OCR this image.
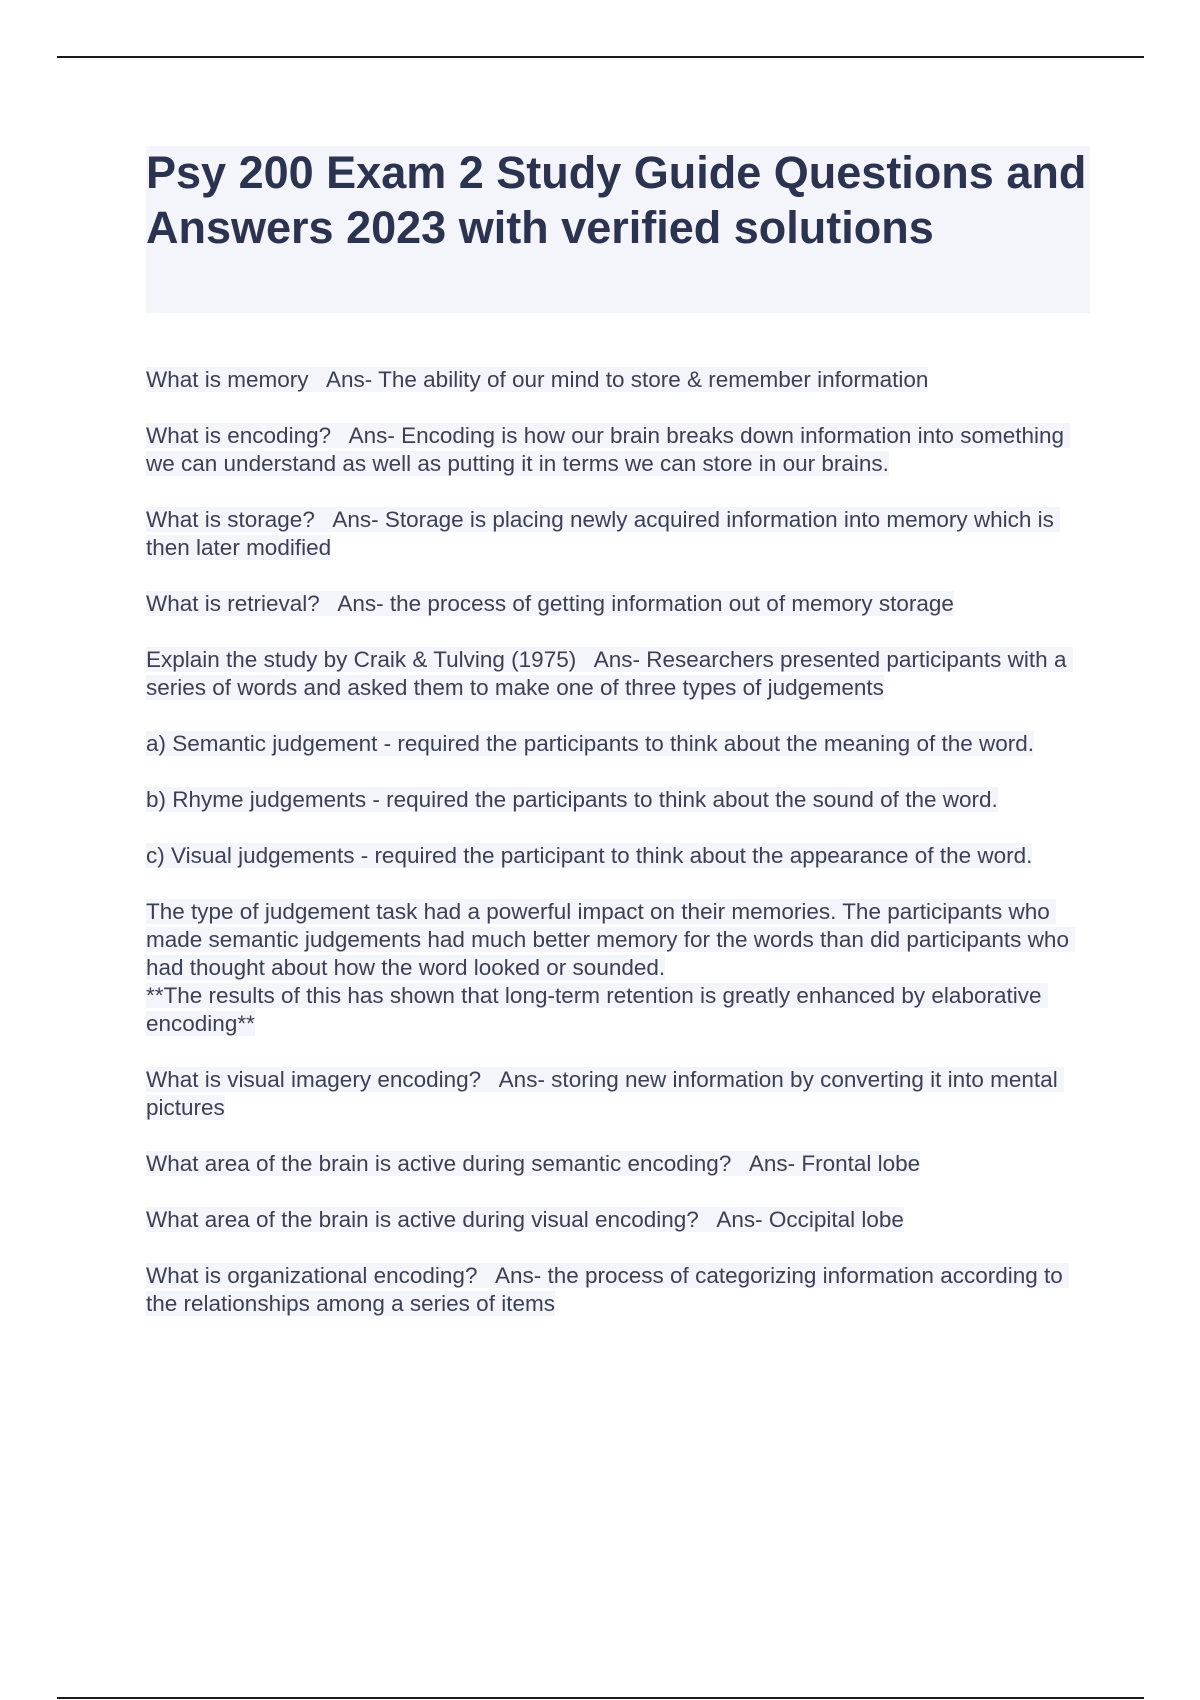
Psy 200 Exam 2 Study Guide Questions and Answers 2023 with verified solutions

What is memory   Ans- The ability of our mind to store & remember information

What is encoding?   Ans- Encoding is how our brain breaks down information into something we can understand as well as putting it in terms we can store in our brains.

What is storage?   Ans- Storage is placing newly acquired information into memory which is then later modified

What is retrieval?   Ans- the process of getting information out of memory storage

Explain the study by Craik & Tulving (1975)   Ans- Researchers presented participants with a series of words and asked them to make one of three types of judgements

a) Semantic judgement - required the participants to think about the meaning of the word.

b) Rhyme judgements - required the participants to think about the sound of the word.

c) Visual judgements - required the participant to think about the appearance of the word.

The type of judgement task had a powerful impact on their memories. The participants who made semantic judgements had much better memory for the words than did participants who had thought about how the word looked or sounded.

**The results of this has shown that long-term retention is greatly enhanced by elaborative encoding**

What is visual imagery encoding?   Ans- storing new information by converting it into mental pictures

What area of the brain is active during semantic encoding?   Ans- Frontal lobe

What area of the brain is active during visual encoding?   Ans- Occipital lobe

What is organizational encoding?   Ans- the process of categorizing information according to the relationships among a series of items
